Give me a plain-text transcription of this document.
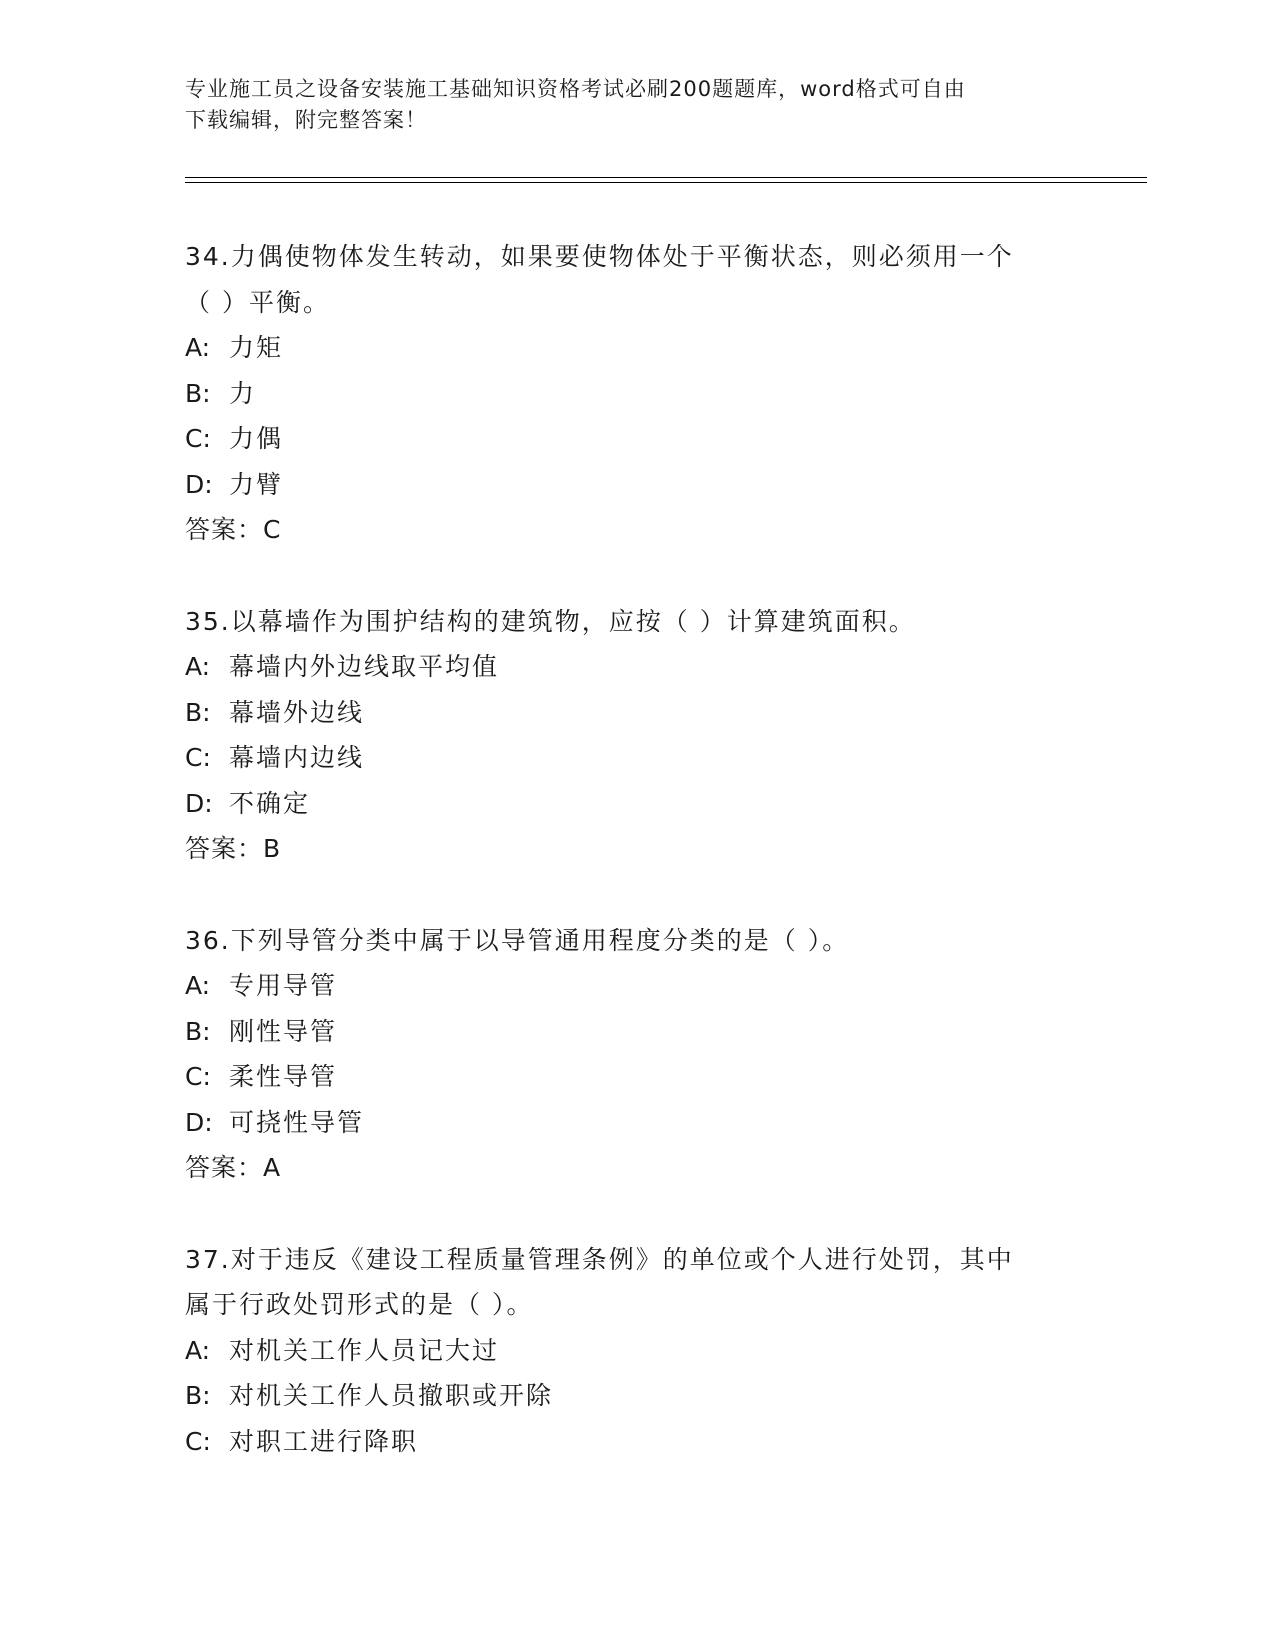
专业施工员之设备安装施工基础知识资格考试必刷200题题库，word格式可自由
下载编辑，附完整答案！
34.力偶使物体发生转动，如果要使物体处于平衡状态，则必须用一个
（ ）平衡。
A: 力矩
B: 力
C: 力偶
D: 力臂
答案：C
35.以幕墙作为围护结构的建筑物，应按（ ）计算建筑面积。
A: 幕墙内外边线取平均值
B: 幕墙外边线
C: 幕墙内边线
D: 不确定
答案：B
36.下列导管分类中属于以导管通用程度分类的是（ ）。
A: 专用导管
B: 刚性导管
C: 柔性导管
D: 可挠性导管
答案：A
37.对于违反《建设工程质量管理条例》的单位或个人进行处罚，其中
属于行政处罚形式的是（ ）。
A: 对机关工作人员记大过
B: 对机关工作人员撤职或开除
C: 对职工进行降职
